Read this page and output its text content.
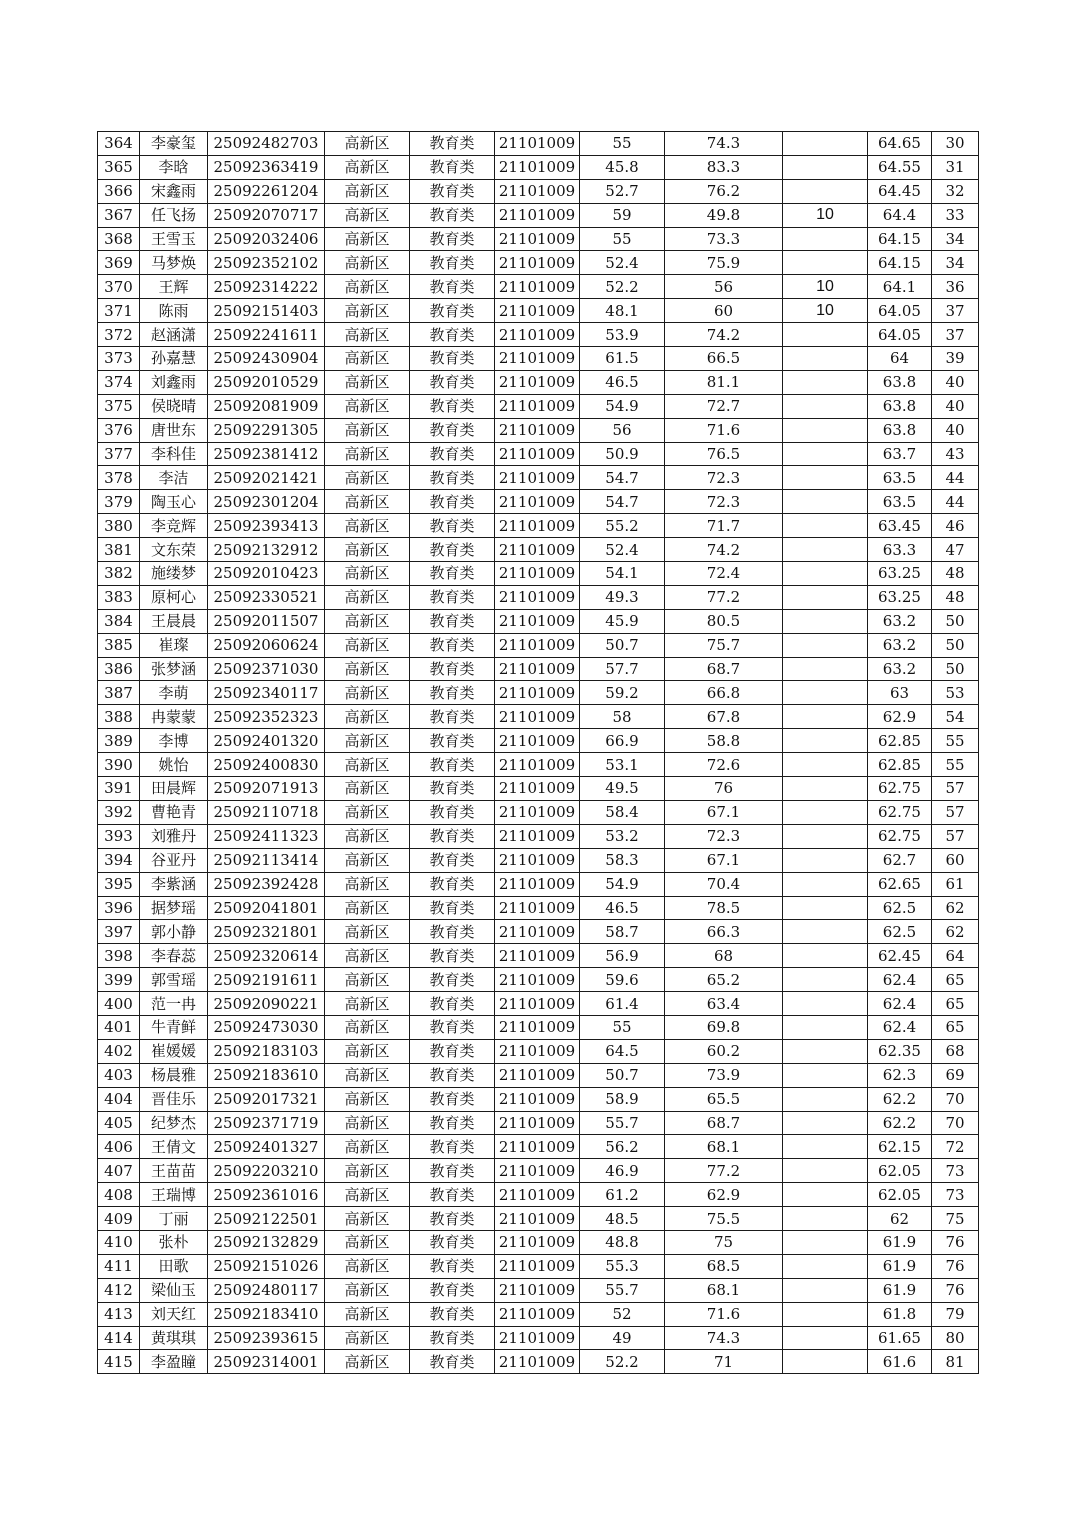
364	李豪玺	25092482703	高新区	教育类	21101009	55	74.3		64.65	30
365	李晗	25092363419	高新区	教育类	21101009	45.8	83.3		64.55	31
366	宋鑫雨	25092261204	高新区	教育类	21101009	52.7	76.2		64.45	32
367	任飞扬	25092070717	高新区	教育类	21101009	59	49.8	10	64.4	33
368	王雪玉	25092032406	高新区	教育类	21101009	55	73.3		64.15	34
369	马梦焕	25092352102	高新区	教育类	21101009	52.4	75.9		64.15	34
370	王辉	25092314222	高新区	教育类	21101009	52.2	56	10	64.1	36
371	陈雨	25092151403	高新区	教育类	21101009	48.1	60	10	64.05	37
372	赵涵潇	25092241611	高新区	教育类	21101009	53.9	74.2		64.05	37
373	孙嘉慧	25092430904	高新区	教育类	21101009	61.5	66.5		64	39
374	刘鑫雨	25092010529	高新区	教育类	21101009	46.5	81.1		63.8	40
375	侯晓晴	25092081909	高新区	教育类	21101009	54.9	72.7		63.8	40
376	唐世东	25092291305	高新区	教育类	21101009	56	71.6		63.8	40
377	李科佳	25092381412	高新区	教育类	21101009	50.9	76.5		63.7	43
378	李洁	25092021421	高新区	教育类	21101009	54.7	72.3		63.5	44
379	陶玉心	25092301204	高新区	教育类	21101009	54.7	72.3		63.5	44
380	李竞辉	25092393413	高新区	教育类	21101009	55.2	71.7		63.45	46
381	文东荣	25092132912	高新区	教育类	21101009	52.4	74.2		63.3	47
382	施缕梦	25092010423	高新区	教育类	21101009	54.1	72.4		63.25	48
383	原柯心	25092330521	高新区	教育类	21101009	49.3	77.2		63.25	48
384	王晨晨	25092011507	高新区	教育类	21101009	45.9	80.5		63.2	50
385	崔璨	25092060624	高新区	教育类	21101009	50.7	75.7		63.2	50
386	张梦涵	25092371030	高新区	教育类	21101009	57.7	68.7		63.2	50
387	李萌	25092340117	高新区	教育类	21101009	59.2	66.8		63	53
388	冉蒙蒙	25092352323	高新区	教育类	21101009	58	67.8		62.9	54
389	李博	25092401320	高新区	教育类	21101009	66.9	58.8		62.85	55
390	姚怡	25092400830	高新区	教育类	21101009	53.1	72.6		62.85	55
391	田晨辉	25092071913	高新区	教育类	21101009	49.5	76		62.75	57
392	曹艳青	25092110718	高新区	教育类	21101009	58.4	67.1		62.75	57
393	刘雅丹	25092411323	高新区	教育类	21101009	53.2	72.3		62.75	57
394	谷亚丹	25092113414	高新区	教育类	21101009	58.3	67.1		62.7	60
395	李紫涵	25092392428	高新区	教育类	21101009	54.9	70.4		62.65	61
396	据梦瑶	25092041801	高新区	教育类	21101009	46.5	78.5		62.5	62
397	郭小静	25092321801	高新区	教育类	21101009	58.7	66.3		62.5	62
398	李春蕊	25092320614	高新区	教育类	21101009	56.9	68		62.45	64
399	郭雪瑶	25092191611	高新区	教育类	21101009	59.6	65.2		62.4	65
400	范一冉	25092090221	高新区	教育类	21101009	61.4	63.4		62.4	65
401	牛青鲜	25092473030	高新区	教育类	21101009	55	69.8		62.4	65
402	崔媛媛	25092183103	高新区	教育类	21101009	64.5	60.2		62.35	68
403	杨晨雅	25092183610	高新区	教育类	21101009	50.7	73.9		62.3	69
404	晋佳乐	25092017321	高新区	教育类	21101009	58.9	65.5		62.2	70
405	纪梦杰	25092371719	高新区	教育类	21101009	55.7	68.7		62.2	70
406	王倩文	25092401327	高新区	教育类	21101009	56.2	68.1		62.15	72
407	王苗苗	25092203210	高新区	教育类	21101009	46.9	77.2		62.05	73
408	王瑞博	25092361016	高新区	教育类	21101009	61.2	62.9		62.05	73
409	丁丽	25092122501	高新区	教育类	21101009	48.5	75.5		62	75
410	张朴	25092132829	高新区	教育类	21101009	48.8	75		61.9	76
411	田歌	25092151026	高新区	教育类	21101009	55.3	68.5		61.9	76
412	梁仙玉	25092480117	高新区	教育类	21101009	55.7	68.1		61.9	76
413	刘天红	25092183410	高新区	教育类	21101009	52	71.6		61.8	79
414	黄琪琪	25092393615	高新区	教育类	21101009	49	74.3		61.65	80
415	李盈瞳	25092314001	高新区	教育类	21101009	52.2	71		61.6	81
